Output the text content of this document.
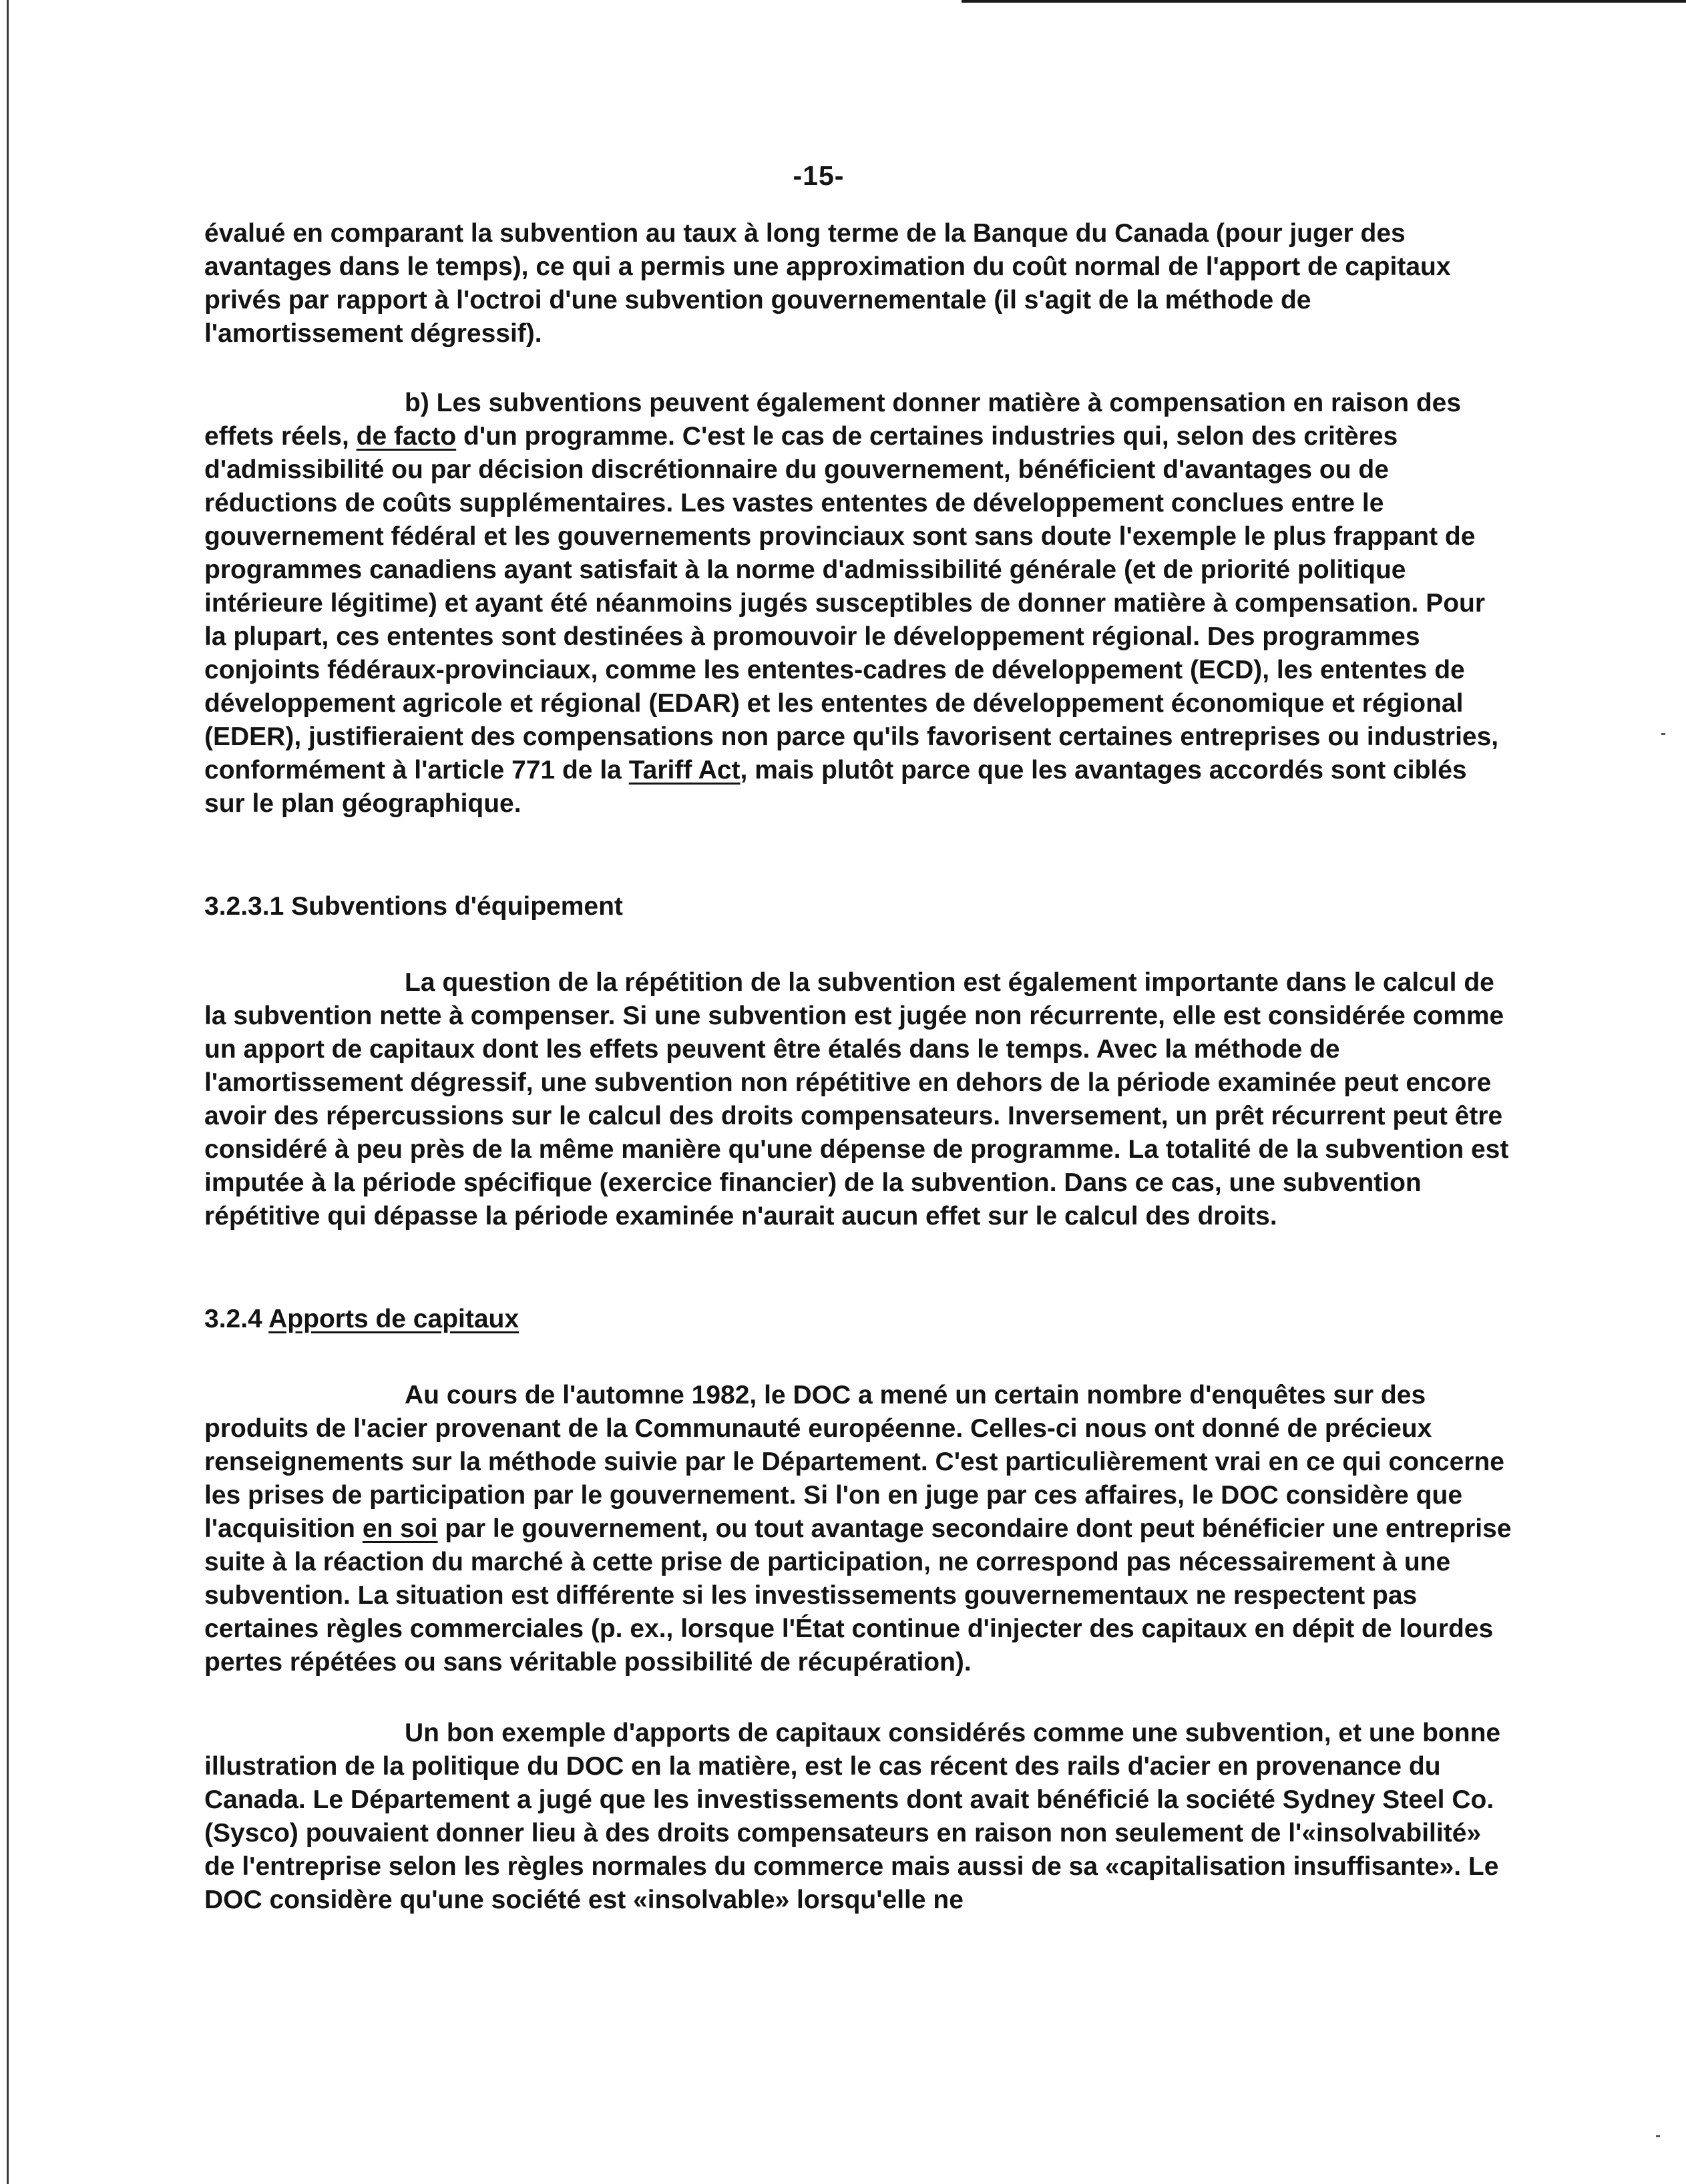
-15-

évalué en comparant la subvention au taux à long terme de la Banque du Canada (pour juger des avantages dans le temps), ce qui a permis une approximation du coût normal de l'apport de capitaux privés par rapport à l'octroi d'une subvention gouvernementale (il s'agit de la méthode de l'amortissement dégressif).

b) Les subventions peuvent également donner matière à compensation en raison des effets réels, de facto d'un programme. C'est le cas de certaines industries qui, selon des critères d'admissibilité ou par décision discrétionnaire du gouvernement, bénéficient d'avantages ou de réductions de coûts supplémentaires. Les vastes ententes de développement conclues entre le gouvernement fédéral et les gouvernements provinciaux sont sans doute l'exemple le plus frappant de programmes canadiens ayant satisfait à la norme d'admissibilité générale (et de priorité politique intérieure légitime) et ayant été néanmoins jugés susceptibles de donner matière à compensation. Pour la plupart, ces ententes sont destinées à promouvoir le développement régional. Des programmes conjoints fédéraux-provinciaux, comme les ententes-cadres de développement (ECD), les ententes de développement agricole et régional (EDAR) et les ententes de développement économique et régional (EDER), justifieraient des compensations non parce qu'ils favorisent certaines entreprises ou industries, conformément à l'article 771 de la Tariff Act, mais plutôt parce que les avantages accordés sont ciblés sur le plan géographique.

3.2.3.1 Subventions d'équipement

La question de la répétition de la subvention est également importante dans le calcul de la subvention nette à compenser. Si une subvention est jugée non récurrente, elle est considérée comme un apport de capitaux dont les effets peuvent être étalés dans le temps. Avec la méthode de l'amortissement dégressif, une subvention non répétitive en dehors de la période examinée peut encore avoir des répercussions sur le calcul des droits compensateurs. Inversement, un prêt récurrent peut être considéré à peu près de la même manière qu'une dépense de programme. La totalité de la subvention est imputée à la période spécifique (exercice financier) de la subvention. Dans ce cas, une subvention répétitive qui dépasse la période examinée n'aurait aucun effet sur le calcul des droits.

3.2.4 Apports de capitaux

Au cours de l'automne 1982, le DOC a mené un certain nombre d'enquêtes sur des produits de l'acier provenant de la Communauté européenne. Celles-ci nous ont donné de précieux renseignements sur la méthode suivie par le Département. C'est particulièrement vrai en ce qui concerne les prises de participation par le gouvernement. Si l'on en juge par ces affaires, le DOC considère que l'acquisition en soi par le gouvernement, ou tout avantage secondaire dont peut bénéficier une entreprise suite à la réaction du marché à cette prise de participation, ne correspond pas nécessairement à une subvention. La situation est différente si les investissements gouvernementaux ne respectent pas certaines règles commerciales (p. ex., lorsque l'État continue d'injecter des capitaux en dépit de lourdes pertes répétées ou sans véritable possibilité de récupération).

Un bon exemple d'apports de capitaux considérés comme une subvention, et une bonne illustration de la politique du DOC en la matière, est le cas récent des rails d'acier en provenance du Canada. Le Département a jugé que les investissements dont avait bénéficié la société Sydney Steel Co. (Sysco) pouvaient donner lieu à des droits compensateurs en raison non seulement de l'«insolvabilité» de l'entreprise selon les règles normales du commerce mais aussi de sa «capitalisation insuffisante». Le DOC considère qu'une société est «insolvable» lorsqu'elle ne
